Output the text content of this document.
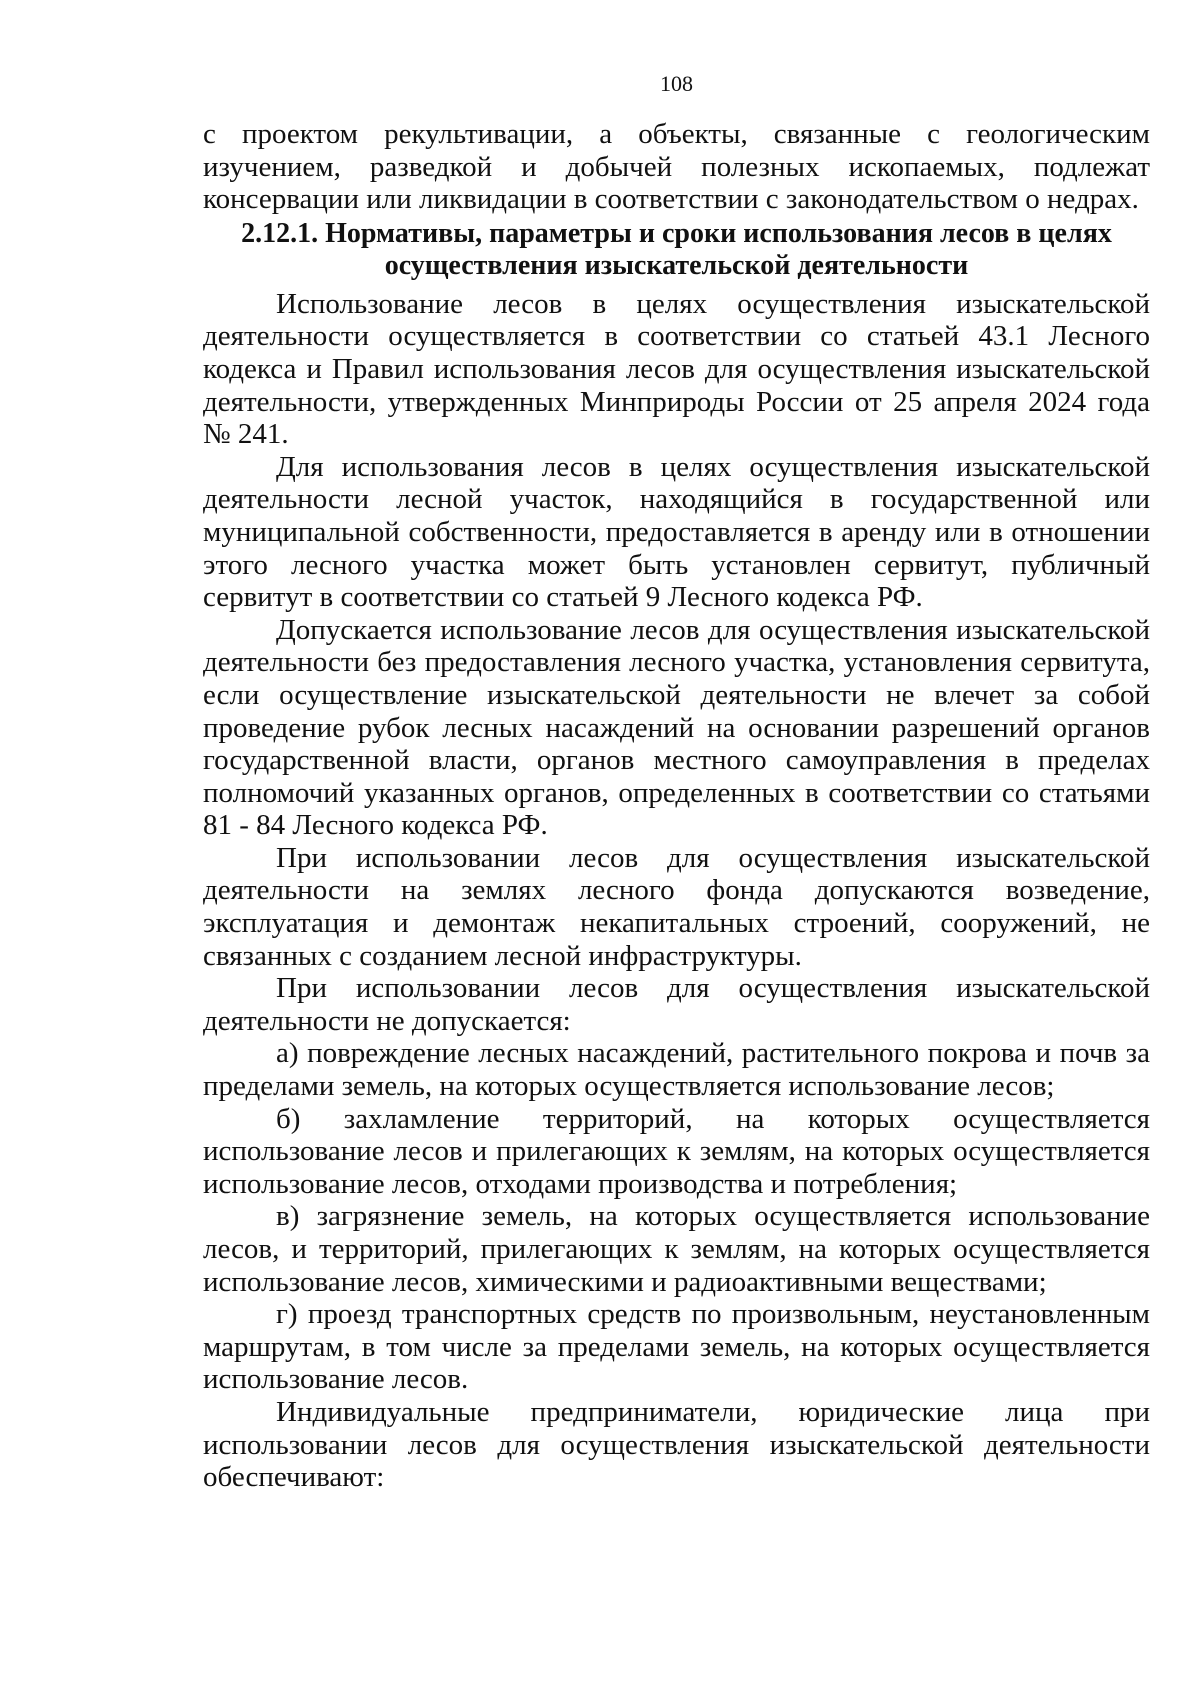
108

с проектом рекультивации, а объекты, связанные с геологическим изучением, разведкой и добычей полезных ископаемых, подлежат консервации или ликвидации в соответствии с законодательством о недрах.

2.12.1. Нормативы, параметры и сроки использования лесов в целях осуществления изыскательской деятельности

Использование лесов в целях осуществления изыскательской деятельности осуществляется в соответствии со статьей 43.1 Лесного кодекса и Правил использования лесов для осуществления изыскательской деятельности, утвержденных Минприроды России от 25 апреля 2024 года № 241.

Для использования лесов в целях осуществления изыскательской деятельности лесной участок, находящийся в государственной или муниципальной собственности, предоставляется в аренду или в отношении этого лесного участка может быть установлен сервитут, публичный сервитут в соответствии со статьей 9 Лесного кодекса РФ.

Допускается использование лесов для осуществления изыскательской деятельности без предоставления лесного участка, установления сервитута, если осуществление изыскательской деятельности не влечет за собой проведение рубок лесных насаждений на основании разрешений органов государственной власти, органов местного самоуправления в пределах полномочий указанных органов, определенных в соответствии со статьями 81 - 84 Лесного кодекса РФ.

При использовании лесов для осуществления изыскательской деятельности на землях лесного фонда допускаются возведение, эксплуатация и демонтаж некапитальных строений, сооружений, не связанных с созданием лесной инфраструктуры.

При использовании лесов для осуществления изыскательской деятельности не допускается:

а) повреждение лесных насаждений, растительного покрова и почв за пределами земель, на которых осуществляется использование лесов;

б) захламление территорий, на которых осуществляется использование лесов и прилегающих к землям, на которых осуществляется использование лесов, отходами производства и потребления;

в) загрязнение земель, на которых осуществляется использование лесов, и территорий, прилегающих к землям, на которых осуществляется использование лесов, химическими и радиоактивными веществами;

г) проезд транспортных средств по произвольным, неустановленным маршрутам, в том числе за пределами земель, на которых осуществляется использование лесов.

Индивидуальные предприниматели, юридические лица при использовании лесов для осуществления изыскательской деятельности обеспечивают:
